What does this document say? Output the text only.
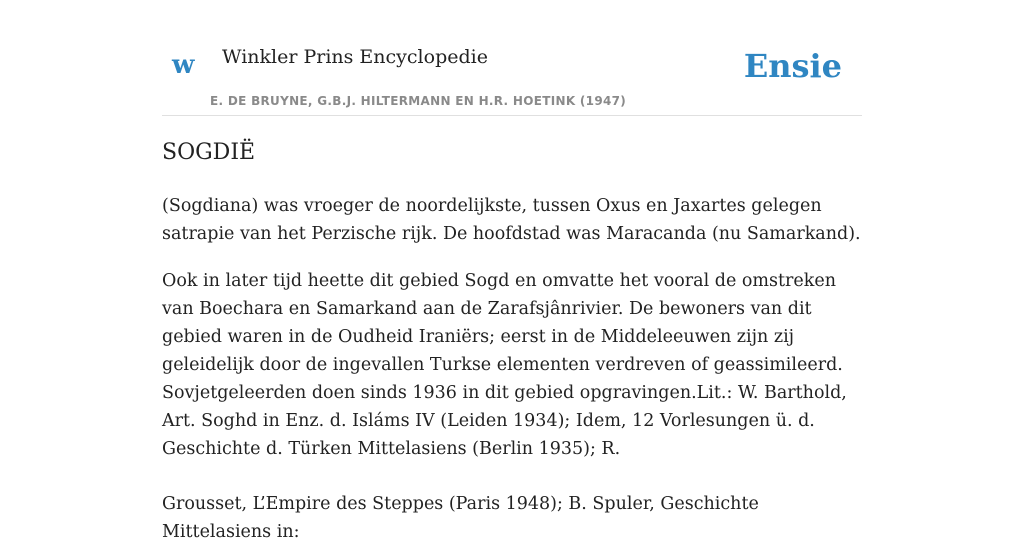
w Winkler Prins Encyclopedie
E. DE BRUYNE, G.B.J. HILTERMANN EN H.R. HOETINK (1947)
Ensie
SOGDIË

(Sogdiana) was vroeger de noordelijkste, tussen Oxus en Jaxartes gelegen satrapie van het Perzische rijk. De hoofdstad was Maracanda (nu Samarkand).

Ook in later tijd heette dit gebied Sogd en omvatte het vooral de omstreken van Boechara en Samarkand aan de Zarafsjânrivier. De bewoners van dit gebied waren in de Oudheid Iraniërs; eerst in de Middeleeuwen zijn zij geleidelijk door de ingevallen Turkse elementen verdreven of geassimileerd. Sovjetgeleerden doen sinds 1936 in dit gebied opgravingen.Lit.: W. Barthold, Art. Soghd in Enz. d. Isláms IV (Leiden 1934); Idem, 12 Vorlesungen ü. d. Geschichte d. Türken Mittelasiens (Berlin 1935); R.

Grousset, L’Empire des Steppes (Paris 1948); B. Spuler, Geschichte Mittelasiens in:
